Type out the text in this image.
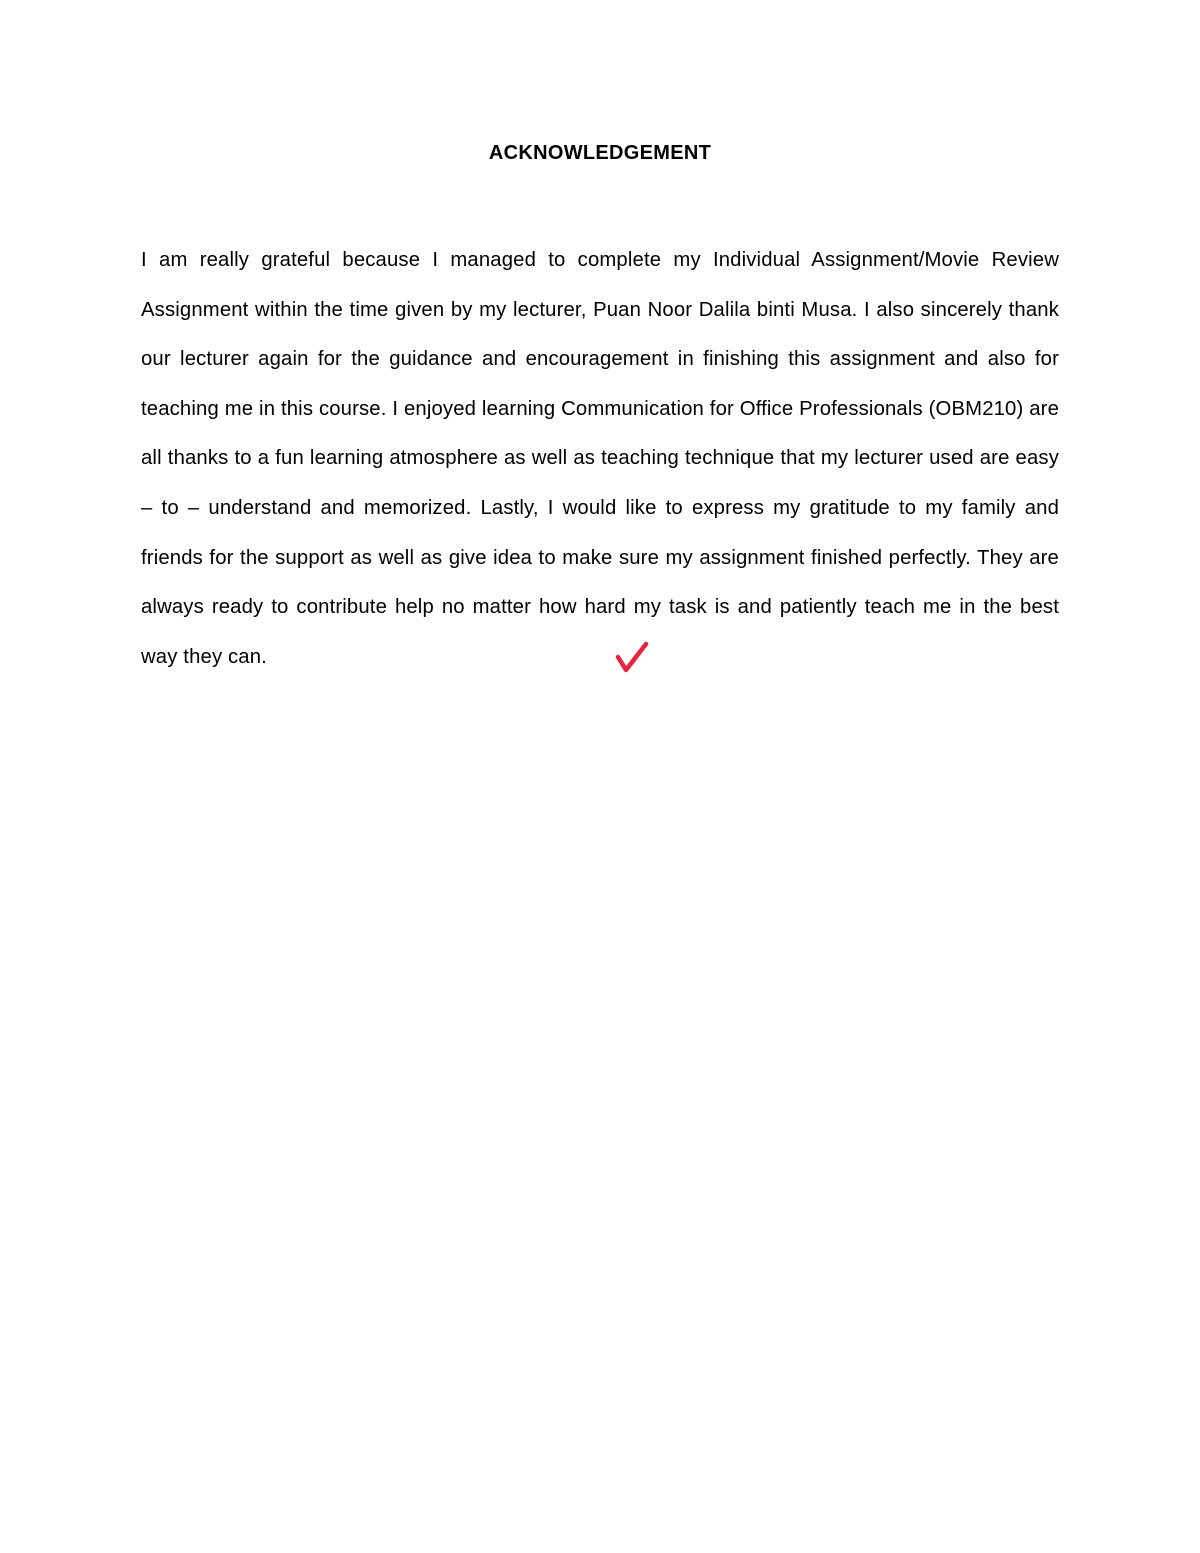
ACKNOWLEDGEMENT

I am really grateful because I managed to complete my Individual Assignment/Movie Review Assignment within the time given by my lecturer, Puan Noor Dalila binti Musa. I also sincerely thank our lecturer again for the guidance and encouragement in finishing this assignment and also for teaching me in this course. I enjoyed learning Communication for Office Professionals (OBM210) are all thanks to a fun learning atmosphere as well as teaching technique that my lecturer used are easy – to – understand and memorized. Lastly, I would like to express my gratitude to my family and friends for the support as well as give idea to make sure my assignment finished perfectly. They are always ready to contribute help no matter how hard my task is and patiently teach me in the best way they can.
